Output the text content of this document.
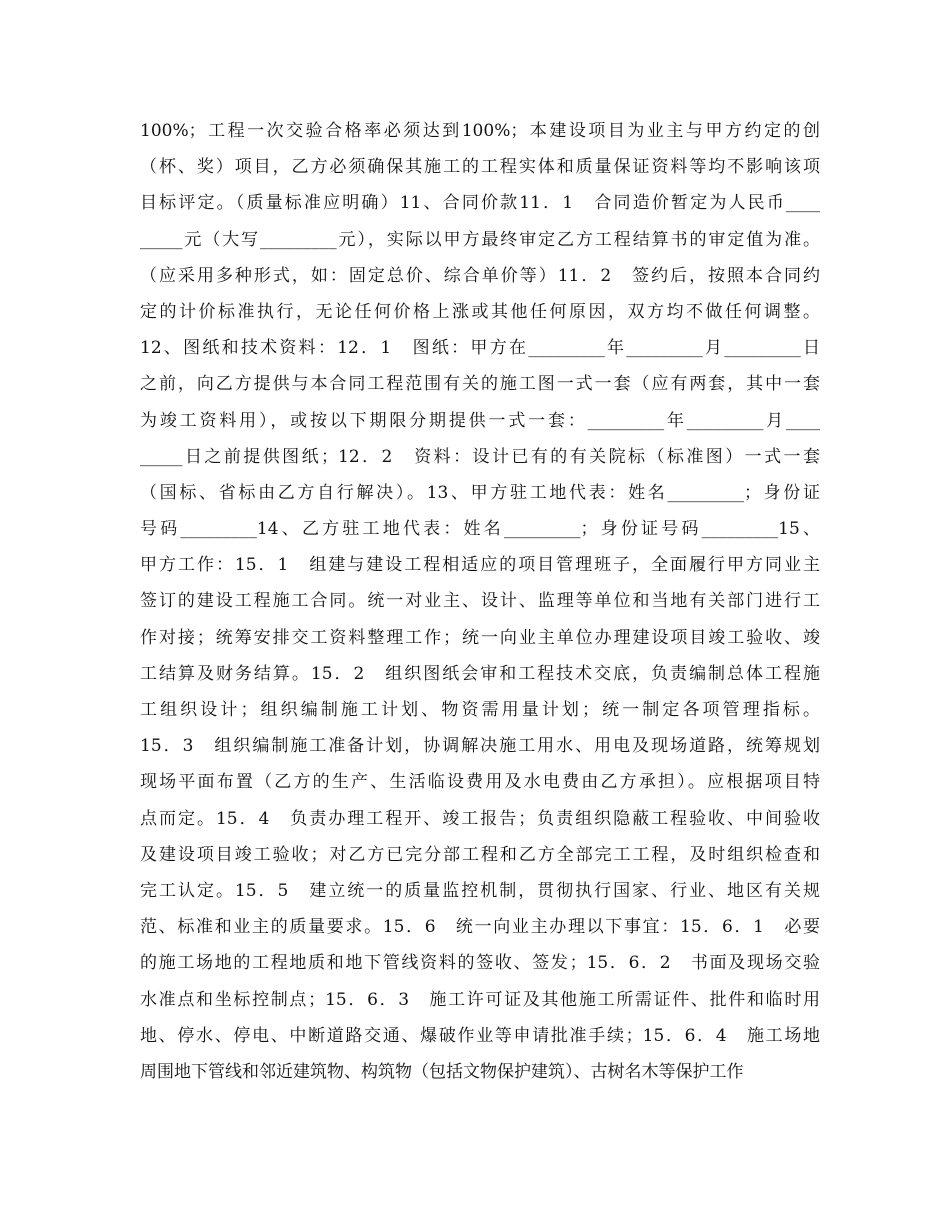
100%；工程一次交验合格率必须达到100%；本建设项目为业主与甲方约定的创
（杯、奖）项目，乙方必须确保其施工的工程实体和质量保证资料等均不影响该项
目标评定。（质量标准应明确）11、合同价款11．1　合同造价暂定为人民币____
_____元（大写_________元），实际以甲方最终审定乙方工程结算书的审定值为准。
（应采用多种形式，如：固定总价、综合单价等）11．2　签约后，按照本合同约
定的计价标准执行，无论任何价格上涨或其他任何原因，双方均不做任何调整。
12、图纸和技术资料：12．1　图纸：甲方在_________年_________月_________日
之前，向乙方提供与本合同工程范围有关的施工图一式一套（应有两套，其中一套
为竣工资料用），或按以下期限分期提供一式一套：_________年_________月____
_____日之前提供图纸；12．2　资料：设计已有的有关院标（标准图）一式一套
（国标、省标由乙方自行解决）。13、甲方驻工地代表：姓名_________；身份证
号码_________14、乙方驻工地代表：姓名_________；身份证号码_________15、
甲方工作：15．1　组建与建设工程相适应的项目管理班子，全面履行甲方同业主
签订的建设工程施工合同。统一对业主、设计、监理等单位和当地有关部门进行工
作对接；统筹安排交工资料整理工作；统一向业主单位办理建设项目竣工验收、竣
工结算及财务结算。15．2　组织图纸会审和工程技术交底，负责编制总体工程施
工组织设计；组织编制施工计划、物资需用量计划；统一制定各项管理指标。
15．3　组织编制施工准备计划，协调解决施工用水、用电及现场道路，统筹规划
现场平面布置（乙方的生产、生活临设费用及水电费由乙方承担）。应根据项目特
点而定。15．4　负责办理工程开、竣工报告；负责组织隐蔽工程验收、中间验收
及建设项目竣工验收；对乙方已完分部工程和乙方全部完工工程，及时组织检查和
完工认定。15．5　建立统一的质量监控机制，贯彻执行国家、行业、地区有关规
范、标准和业主的质量要求。15．6　统一向业主办理以下事宜：15．6．1　必要
的施工场地的工程地质和地下管线资料的签收、签发；15．6．2　书面及现场交验
水准点和坐标控制点；15．6．3　施工许可证及其他施工所需证件、批件和临时用
地、停水、停电、中断道路交通、爆破作业等申请批准手续；15．6．4　施工场地
周围地下管线和邻近建筑物、构筑物（包括文物保护建筑）、古树名木等保护工作
